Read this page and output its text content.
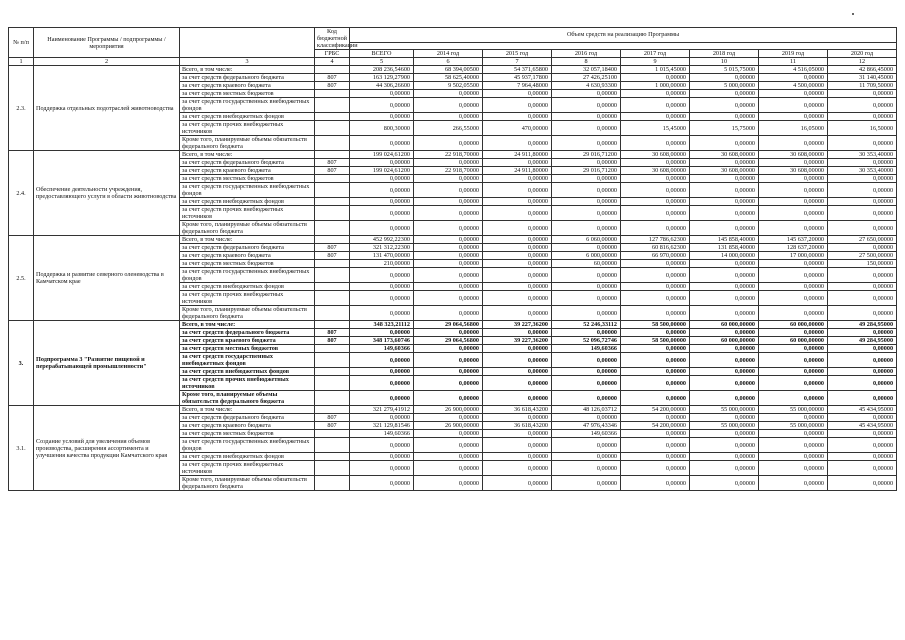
№ п/п	Наименование Программы / подпрограммы / мероприятия		Код бюджетной классификации	Объем средств на реализацию Программы							

			ГРБС	ВСЕГО	2014 год	2015 год	2016 год	2017 год	2018 год	2019 год	2020 год
1	2	3	4	5	6	7	8	9	10	11	12
2.3.	Поддержка отдельных подотраслей животноводства	Всего, в том числе:		208 236,54600	68 394,00500	54 371,65800	32 057,18400	1 015,45000	5 015,75000	4 516,05000	42 866,45000
		за счет средств федерального бюджета	807	163 129,27900	58 625,40000	45 937,17800	27 426,25100	0,00000	0,00000	0,00000	31 140,45000
		за счет средств краевого бюджета	807	44 306,26600	9 502,05500	7 964,48000	4 630,93300	1 000,00000	5 000,00000	4 500,00000	11 709,50000
		за счет средств местных бюджетов		0,00000	0,00000	0,00000	0,00000	0,00000	0,00000	0,00000	0,00000
		за счет средств государственных внебюджетных фондов		0,00000	0,00000	0,00000	0,00000	0,00000	0,00000	0,00000	0,00000
		за счет средств внебюджетных фондов		0,00000	0,00000	0,00000	0,00000	0,00000	0,00000	0,00000	0,00000
		за счет средств прочих внебюджетных источников		800,30000	266,55000	470,00000	0,00000	15,45000	15,75000	16,05000	16,50000
		Кроме того, планируемые объемы обязательств федерального бюджета		0,00000	0,00000	0,00000	0,00000	0,00000	0,00000	0,00000	0,00000
2.4.	Обеспечение деятельности учреждения, предоставляющего услуги в области животноводства	Всего, в том числе:		199 024,61200	22 918,70000	24 911,80000	29 016,71200	30 608,00000	30 608,00000	30 608,00000	30 353,40000
		за счет средств федерального бюджета	807	0,00000	0,00000	0,00000	0,00000	0,00000	0,00000	0,00000	0,00000
		за счет средств краевого бюджета	807	199 024,61200	22 918,70000	24 911,80000	29 016,71200	30 608,00000	30 608,00000	30 608,00000	30 353,40000
		за счет средств местных бюджетов		0,00000	0,00000	0,00000	0,00000	0,00000	0,00000	0,00000	0,00000
		за счет средств государственных внебюджетных фондов		0,00000	0,00000	0,00000	0,00000	0,00000	0,00000	0,00000	0,00000
		за счет средств внебюджетных фондов		0,00000	0,00000	0,00000	0,00000	0,00000	0,00000	0,00000	0,00000
		за счет средств прочих внебюджетных источников		0,00000	0,00000	0,00000	0,00000	0,00000	0,00000	0,00000	0,00000
		Кроме того, планируемые объемы обязательств федерального бюджета		0,00000	0,00000	0,00000	0,00000	0,00000	0,00000	0,00000	0,00000
2.5.	Поддержка и развитие северного оленеводства в Камчатском крае	Всего, в том числе:		452 992,22300	0,00000	0,00000	6 060,00000	127 786,62300	145 858,40000	145 637,20000	27 650,00000
		за счет средств федерального бюджета	807	321 312,22300	0,00000	0,00000	0,00000	60 816,62300	131 858,40000	128 637,20000	0,00000
		за счет средств краевого бюджета	807	131 470,00000	0,00000	0,00000	6 000,00000	66 970,00000	14 000,00000	17 000,00000	27 500,00000
		за счет средств местных бюджетов		210,00000	0,00000	0,00000	60,00000	0,00000	0,00000	0,00000	150,00000
		за счет средств государственных внебюджетных фондов		0,00000	0,00000	0,00000	0,00000	0,00000	0,00000	0,00000	0,00000
		за счет средств внебюджетных фондов		0,00000	0,00000	0,00000	0,00000	0,00000	0,00000	0,00000	0,00000
		за счет средств прочих внебюджетных источников		0,00000	0,00000	0,00000	0,00000	0,00000	0,00000	0,00000	0,00000
		Кроме того, планируемые объемы обязательств федерального бюджета		0,00000	0,00000	0,00000	0,00000	0,00000	0,00000	0,00000	0,00000
3.	Подпрограмма 3 "Развитие пищевой и перерабатывающей промышленности"	Всего, в том числе:		348 323,21112	29 064,56800	39 227,36200	52 246,33112	58 500,00000	60 000,00000	60 000,00000	49 284,95000
		за счет средств федерального бюджета	807	0,00000	0,00000	0,00000	0,00000	0,00000	0,00000	0,00000	0,00000
		за счет средств краевого бюджета	807	348 173,60746	29 064,56800	39 227,36200	52 096,72746	58 500,00000	60 000,00000	60 000,00000	49 284,95000
		за счет средств местных бюджетов		149,60366	0,00000	0,00000	149,60366	0,00000	0,00000	0,00000	0,00000
		за счет средств государственных внебюджетных фондов		0,00000	0,00000	0,00000	0,00000	0,00000	0,00000	0,00000	0,00000
		за счет средств внебюджетных фондов		0,00000	0,00000	0,00000	0,00000	0,00000	0,00000	0,00000	0,00000
		за счет средств прочих внебюджетных источников		0,00000	0,00000	0,00000	0,00000	0,00000	0,00000	0,00000	0,00000
		Кроме того, планируемые объемы обязательств федерального бюджета		0,00000	0,00000	0,00000	0,00000	0,00000	0,00000	0,00000	0,00000
3.1.	Создание условий для увеличения объемов производства, расширения ассортимента и улучшения качества продукции Камчатского края	Всего, в том числе:		321 279,41912	26 900,00000	36 618,43200	48 126,03712	54 200,00000	55 000,00000	55 000,00000	45 434,95000
		за счет средств федерального бюджета	807	0,00000	0,00000	0,00000	0,00000	0,00000	0,00000	0,00000	0,00000
		за счет средств краевого бюджета	807	321 129,81546	26 900,00000	36 618,43200	47 976,43346	54 200,00000	55 000,00000	55 000,00000	45 434,95000
		за счет средств местных бюджетов		149,60366	0,00000	0,00000	149,60366	0,00000	0,00000	0,00000	0,00000
		за счет средств государственных внебюджетных фондов		0,00000	0,00000	0,00000	0,00000	0,00000	0,00000	0,00000	0,00000
		за счет средств внебюджетных фондов		0,00000	0,00000	0,00000	0,00000	0,00000	0,00000	0,00000	0,00000
		за счет средств прочих внебюджетных источников		0,00000	0,00000	0,00000	0,00000	0,00000	0,00000	0,00000	0,00000
		Кроме того, планируемые объемы обязательств федерального бюджета		0,00000	0,00000	0,00000	0,00000	0,00000	0,00000	0,00000	0,00000
